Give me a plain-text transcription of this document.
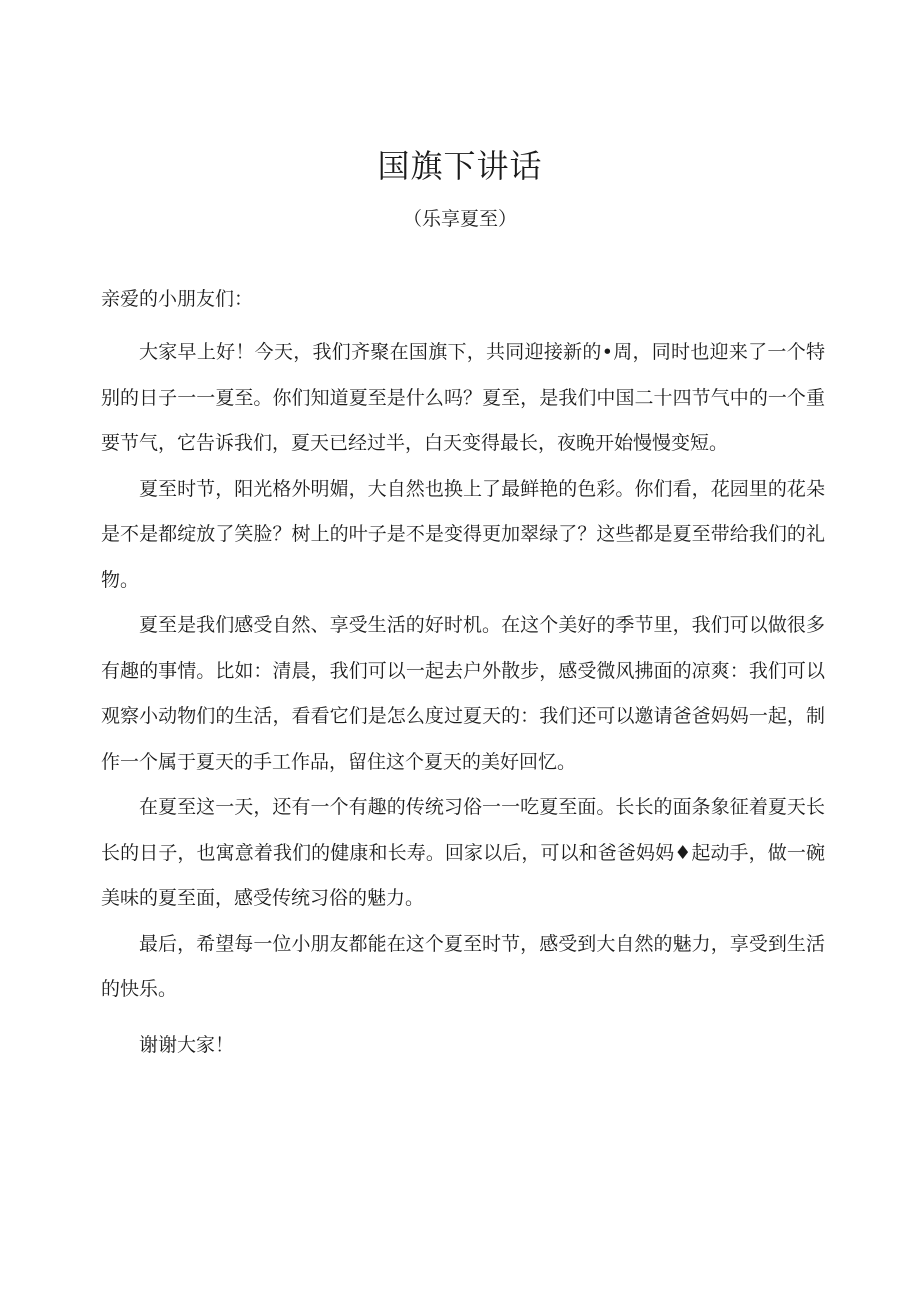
国旗下讲话
（乐享夏至）
亲爱的小朋友们：

大家早上好！今天，我们齐聚在国旗下，共同迎接新的•周，同时也迎来了一个特别的日子一一夏至。你们知道夏至是什么吗？夏至，是我们中国二十四节气中的一个重要节气，它告诉我们，夏天已经过半，白天变得最长，夜晚开始慢慢变短。

夏至时节，阳光格外明媚，大自然也换上了最鲜艳的色彩。你们看，花园里的花朵是不是都绽放了笑脸？树上的叶子是不是变得更加翠绿了？这些都是夏至带给我们的礼物。

夏至是我们感受自然、享受生活的好时机。在这个美好的季节里，我们可以做很多有趣的事情。比如：清晨，我们可以一起去户外散步，感受微风拂面的凉爽：我们可以观察小动物们的生活，看看它们是怎么度过夏天的：我们还可以邀请爸爸妈妈一起，制作一个属于夏天的手工作品，留住这个夏天的美好回忆。

在夏至这一天，还有一个有趣的传统习俗一一吃夏至面。长长的面条象征着夏天长长的日子，也寓意着我们的健康和长寿。回家以后，可以和爸爸妈妈♦起动手，做一碗美味的夏至面，感受传统习俗的魅力。

最后，希望每一位小朋友都能在这个夏至时节，感受到大自然的魅力，享受到生活的快乐。

谢谢大家！
